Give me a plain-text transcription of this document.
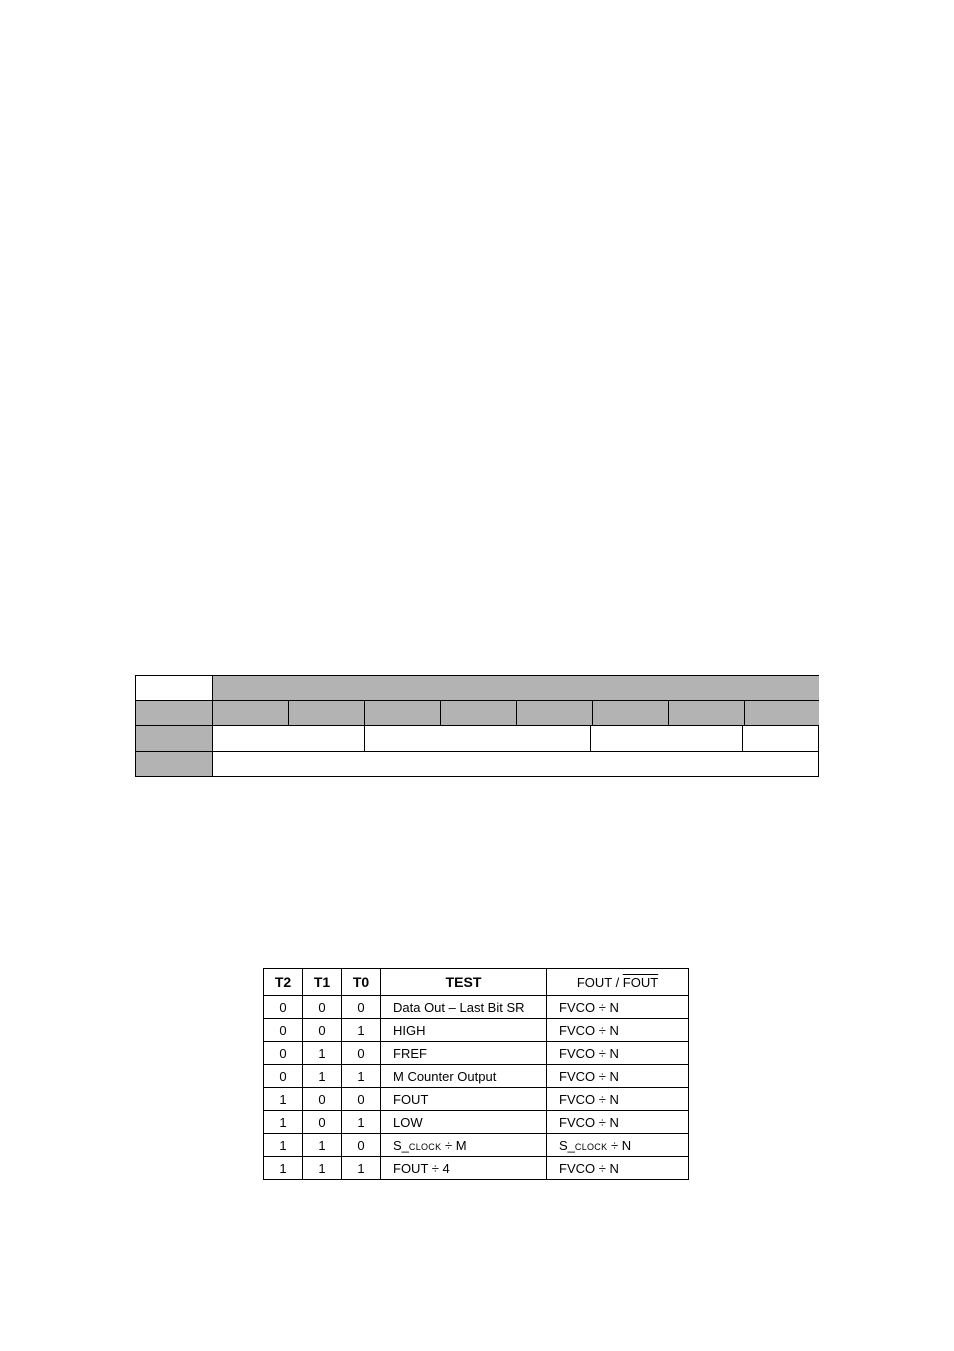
T2	T1	T0	TEST	FOUT / FOUT
0	0	0	Data Out – Last Bit SR	FVCO ÷ N
0	0	1	HIGH	FVCO ÷ N
0	1	0	FREF	FVCO ÷ N
0	1	1	M Counter Output	FVCO ÷ N
1	0	0	FOUT	FVCO ÷ N
1	0	1	LOW	FVCO ÷ N
1	1	0	S_CLOCK ÷ M	S_CLOCK ÷ N
1	1	1	FOUT ÷ 4	FVCO ÷ N
